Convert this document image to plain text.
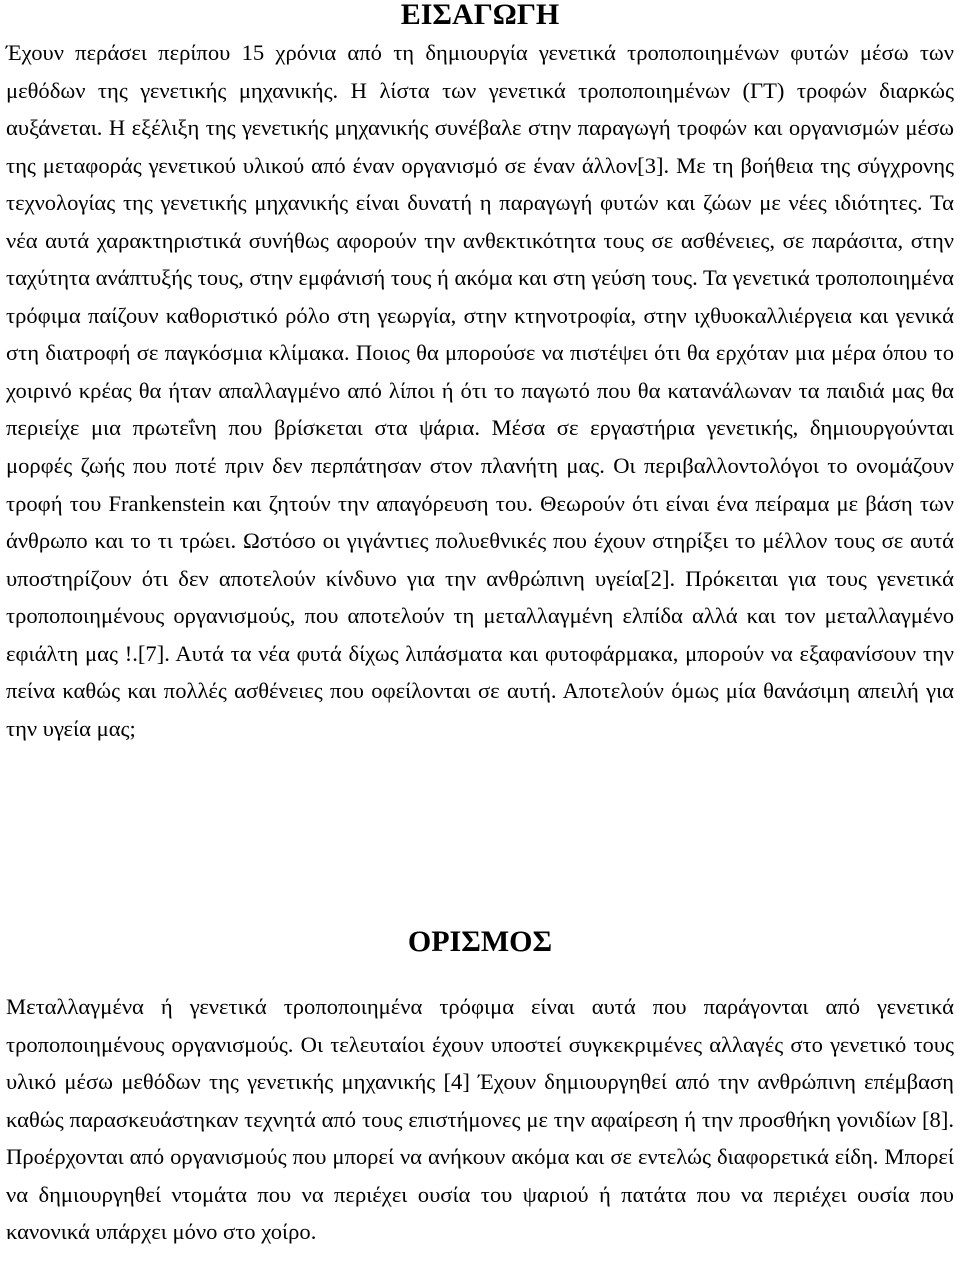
ΕΙΣΑΓΩΓΗ

Έχουν περάσει περίπου 15 χρόνια από τη δημιουργία γενετικά τροποποιημένων φυτών μέσω των μεθόδων της γενετικής μηχανικής. Η λίστα των γενετικά τροποποιημένων (ΓΤ) τροφών διαρκώς αυξάνεται. Η εξέλιξη της γενετικής μηχανικής συνέβαλε στην παραγωγή τροφών και οργανισμών μέσω της μεταφοράς γενετικού υλικού από έναν οργανισμό σε έναν άλλον[3]. Με τη βοήθεια της σύγχρονης τεχνολογίας της γενετικής μηχανικής είναι δυνατή η παραγωγή φυτών και ζώων με νέες ιδιότητες. Τα νέα αυτά χαρακτηριστικά συνήθως αφορούν την ανθεκτικότητα τους σε ασθένειες, σε παράσιτα, στην ταχύτητα ανάπτυξής τους, στην εμφάνισή τους ή ακόμα και στη γεύση τους. Τα γενετικά τροποποιημένα τρόφιμα παίζουν καθοριστικό ρόλο στη γεωργία, στην κτηνοτροφία, στην ιχθυοκαλλιέργεια και γενικά στη διατροφή σε παγκόσμια κλίμακα. Ποιος θα μπορούσε να πιστέψει ότι θα ερχόταν μια μέρα όπου το χοιρινό κρέας θα ήταν απαλλαγμένο από λίποι ή ότι το παγωτό που θα κατανάλωναν τα παιδιά μας θα περιείχε μια πρωτεΐνη που βρίσκεται στα ψάρια. Μέσα σε εργαστήρια γενετικής, δημιουργούνται μορφές ζωής που ποτέ πριν δεν περπάτησαν στον πλανήτη μας. Οι περιβαλλοντολόγοι το ονομάζουν τροφή του Frankenstein και ζητούν την απαγόρευση του. Θεωρούν ότι είναι ένα πείραμα με βάση των άνθρωπο και το τι τρώει. Ωστόσο οι γιγάντιες πολυεθνικές που έχουν στηρίξει το μέλλον τους σε αυτά υποστηρίζουν ότι δεν αποτελούν κίνδυνο για την ανθρώπινη υγεία[2]. Πρόκειται για τους γενετικά τροποποιημένους οργανισμούς, που αποτελούν τη μεταλλαγμένη ελπίδα αλλά και τον μεταλλαγμένο εφιάλτη μας !.[7]. Αυτά τα νέα φυτά δίχως λιπάσματα και φυτοφάρμακα, μπορούν να εξαφανίσουν την πείνα καθώς και πολλές ασθένειες που οφείλονται σε αυτή. Αποτελούν όμως μία θανάσιμη απειλή για την υγεία μας;

ΟΡΙΣΜΟΣ

Μεταλλαγμένα ή γενετικά τροποποιημένα τρόφιμα είναι αυτά που παράγονται από γενετικά τροποποιημένους οργανισμούς. Οι τελευταίοι έχουν υποστεί συγκεκριμένες αλλαγές στο γενετικό τους υλικό μέσω μεθόδων της γενετικής μηχανικής [4] Έχουν δημιουργηθεί από την ανθρώπινη επέμβαση καθώς παρασκευάστηκαν τεχνητά από τους επιστήμονες με την αφαίρεση ή την προσθήκη γονιδίων [8]. Προέρχονται από οργανισμούς που μπορεί να ανήκουν ακόμα και σε εντελώς διαφορετικά είδη. Μπορεί να δημιουργηθεί ντομάτα που να περιέχει ουσία του ψαριού ή πατάτα που να περιέχει ουσία που κανονικά υπάρχει μόνο στο χοίρο.
